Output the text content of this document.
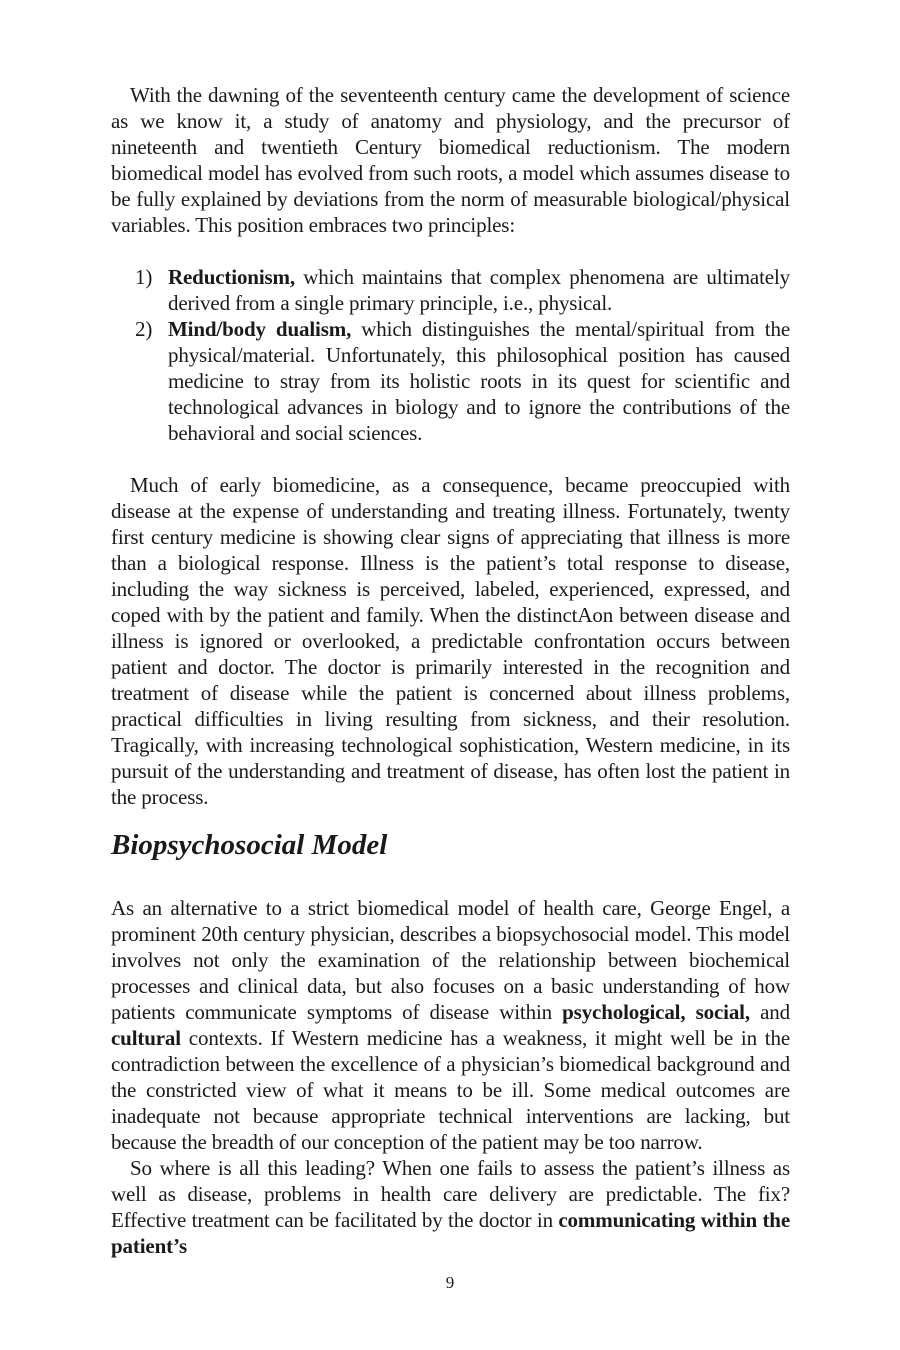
With the dawning of the seventeenth century came the development of science as we know it, a study of anatomy and physiology, and the precursor of nineteenth and twentieth Century biomedical reductionism. The modern biomedical model has evolved from such roots, a model which assumes disease to be fully explained by deviations from the norm of measurable biological/physical variables. This position embraces two principles:

1) Reductionism, which maintains that complex phenomena are ultimately derived from a single primary principle, i.e., physical.
2) Mind/body dualism, which distinguishes the mental/spiritual from the physical/material. Unfortunately, this philosophical position has caused medicine to stray from its holistic roots in its quest for scientific and technological advances in biology and to ignore the contributions of the behavioral and social sciences.

Much of early biomedicine, as a consequence, became preoccupied with disease at the expense of understanding and treating illness. Fortunately, twenty first century medicine is showing clear signs of appreciating that illness is more than a biological response. Illness is the patient’s total response to disease, including the way sickness is perceived, labeled, experienced, expressed, and coped with by the patient and family. When the distinctAon between disease and illness is ignored or overlooked, a predictable confrontation occurs between patient and doctor. The doctor is primarily interested in the recognition and treatment of disease while the patient is concerned about illness problems, practical difficulties in living resulting from sickness, and their resolution. Tragically, with increasing technological sophistication, Western medicine, in its pursuit of the understanding and treatment of disease, has often lost the patient in the process.

Biopsychosocial Model

As an alternative to a strict biomedical model of health care, George Engel, a prominent 20th century physician, describes a biopsychosocial model. This model involves not only the examination of the relationship between biochemical processes and clinical data, but also focuses on a basic understanding of how patients communicate symptoms of disease within psychological, social, and cultural contexts. If Western medicine has a weakness, it might well be in the contradiction between the excellence of a physician’s biomedical background and the constricted view of what it means to be ill. Some medical outcomes are inadequate not because appropriate technical interventions are lacking, but because the breadth of our conception of the patient may be too narrow.

So where is all this leading? When one fails to assess the patient’s illness as well as disease, problems in health care delivery are predictable. The fix? Effective treatment can be facilitated by the doctor in communicating within the patient’s

9
